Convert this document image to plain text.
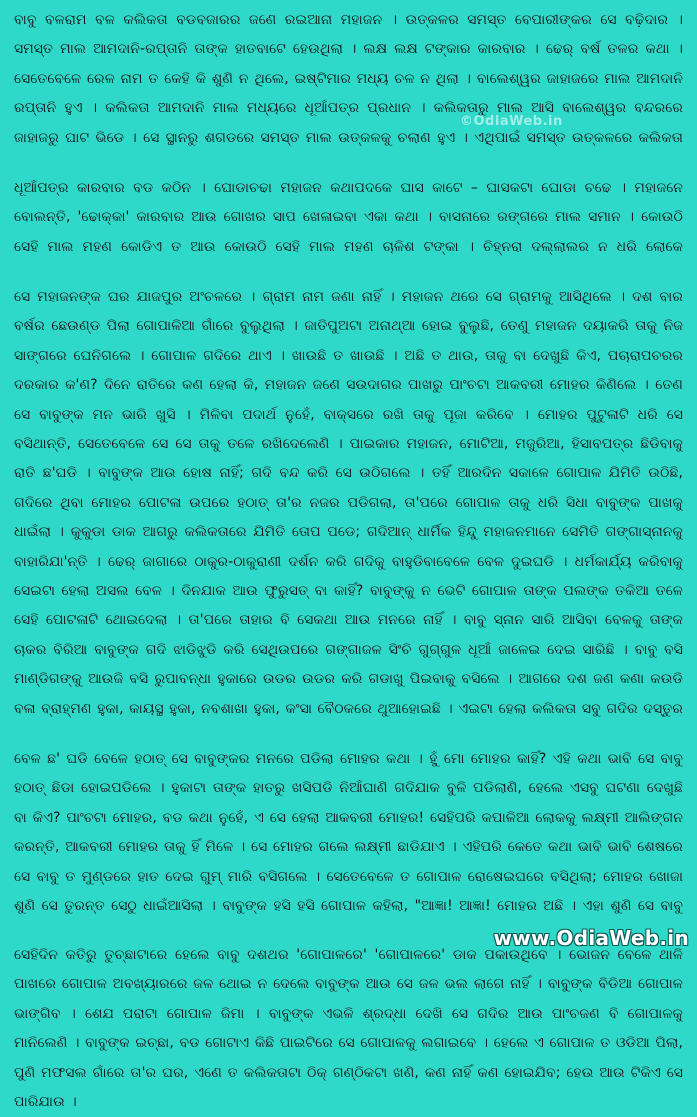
ବାବୁ ବଳରାମ ବଳ କଲିକତା ବଡବଜାରର ଜଣେ ରଇଆନା ମହାଜନ । ଉତ୍କଳର ସମସ୍ତ ବେପାରୀଙ୍କର ସେ ବଢ଼ିଦାର । ସମସ୍ତ ମାଲ ଆମଦାନି-ରପ୍ତାନି ତାଙ୍କ ହାତବାଟେ ହେଉଥିଲା । ଲକ୍ଷ ଲକ୍ଷ ଟଙ୍କାର କାରବାର । ଢେର୍ ବର୍ଷ ତଳର କଥା । ସେତେବେଳେ ରେଳ ନାମ ତ କେହି କି ଶୁଣି ନ ଥିଲେ, ଇଷ୍ଟିମାର ମଧ୍ୟ ଚଳ ନ ଥିଲା । ବାଲେଶ୍ୱର ଜାହାଜରେ ମାଲ ଆମଦାନି ରପ୍ତାନି ହୁଏ । କଲିକତା ଆମଦାନି ମାଲ ମଧ୍ୟରେ ଧୂଆଁପତ୍ର ପ୍ରଧାନ । କଲିକତାରୁ ମାଲ ଆସି ବାଲେଶ୍ୱର ବନ୍ଦରରେ ଜାହାଜରୁ ଘାଟ ଭିଡେ । ସେ ସ୍ଥାନରୁ ଶଗଡରେ ସମସ୍ତ ମାଲ ଉତ୍କଳକୁ ଚଲାଣ ହୁଏ । ଏଥିପାଇଁ ସମସ୍ତ ଉତ୍କଳରେ କଲିକତା

ଧୂଆଁପତ୍ର କାରବାର ବଡ କଠିନ । ଘୋଡାଚଢା ମହାଜନ କଥାପଦକେ ଘାସ କାଟେ – ଘାସକଟା ଘୋଡା ଚଢେ । ମହାଜନେ ବୋଲନ୍ତି, 'ଢୋକ୍କା' କାରବାର ଆଉ ଗୋଖର ସାପ ଖେଳାଇବା ଏକା କଥା । ବାସନାରେ ରଙ୍ଗରେ ମାଲ ସମାନ । କୋଉଠି ସେହି ମାଲ ମହଣ କୋଡିଏ ତ ଆଉ କୋଉଠି ସେହି ମାଲ ମହଣ ଚାଳିଶ ଟଙ୍କା । ଚିହ୍ନରା ଦଲ୍ଲାଲର ନ ଧରି ଲୋକେ

ସେ ମହାଜନଙ୍କ ଘର ଯାଜପୁର ଅଂଚଳରେ । ଗ୍ରାମ ନାମ ଜଣା ନାହିଁ । ମହାଜନ ଥରେ ସେ ଗ୍ରାମକୁ ଆସିଥିଲେ । ଦଶ ବାର ବର୍ଷର ଛେଉଣ୍ଡ ପିଲା ଗୋପାଳିଆ ଗାଁରେ ବୁଲୁଥିଲା । ଜାତିପୁଅଟା ଅନାଥ୍ଆ ହୋଇ ବୁଲୁଛି, ତେଣୁ ମହାଜନ ଦୟାକରି ତାକୁ ନିଜ ସାଙ୍ଗରେ ଘେନିଗଲେ । ଗୋପାଳ ଗଦିରେ ଥାଏ । ଖାଉଛି ତ ଖାଉଛି । ଅଛି ତ ଥାଉ, ତାକୁ ବା ଦେଖୁଛି କିଏ, ପଚାରାପଚରର ଦରକାର କ'ଣ? ଦିନେ ରାତିରେ କଣ ହେଲା କି, ମହାଜନ ଜଣେ ସଉଦାଗର ପାଖରୁ ପାଂଚଟା ଆକବରୀ ମୋହର କିଣିଲେ । ତେଣ ସେ ବାବୁଙ୍କ ମନ ଭାରି ଖୁସି । ମିଳିବା ପଦାର୍ଥ ନୁହେଁ, ବାକ୍ସରେ ରଖି ତାକୁ ପୂଜା କରିବେ । ମୋହର ପୁଟୁଳାଟି ଧରି ସେ ବସିଥାନ୍ତି, ସେତେବେଳେ ସେ ସେ ତାକୁ ତଳେ ରଖିଦେଲେଣି । ପାଇକାର ମହାଜନ, ମୋଟିଆ, ମଜୁରିଆ, ହିସାବପତ୍ର ଛିଡିବାକୁ ରାତି ଛ'ଘଡି । ବାବୁଙ୍କ ଆଉ ହୋଷ ନାହିଁ; ଗଦି ବନ୍ଦ କରି ସେ ଉଠିଗଲେ । ତହିଁ ଆରଦିନ ସକାଳେ ଗୋପାଳ ଯିମିତି ଉଠିଛି, ଗଦିରେ ଥିବା ମୋହର ପୋଟଳା ଉପରେ ହଠାତ୍ ତା'ର ନଜର ପଡିଗଲା, ତା'ପରେ ଗୋପାଳ ତାକୁ ଧରି ସିଧା ବାବୁଙ୍କ ପାଖକୁ ଧାଇଁଲା । କୁକୁଡା ଡାକ ଆଗରୁ କଲିକତାରେ ଯିମିତି ତୋପ ପଡେ; ଗଦିଆନ୍ ଧାର୍ମିକ ହିନ୍ଦୁ ମହାଜନମାନେ ସେମିତି ଗଙ୍ଗାସ୍ନାନକୁ ବାହାରିଯା'ନ୍ତି । ଢେର୍ ଜାଗାରେ ଠାକୁର-ଠାକୁରାଣୀ ଦର୍ଶନ କରି ଗଦିକୁ ବାହୁଡିବାବେଳେ ବେଳ ଦୁଇଘଡି । ଧର୍ମକାର୍ଯ୍ୟ କରିବାକୁ ସେଇଟା ହେଲା ଅସଲ ବେଳ । ଦିନଯାକ ଆଉ ଫୁରୁସତ୍ ବା କାହିଁ? ବାବୁଙ୍କୁ ନ ଭେଟି ଗୋପାଳ ତାଙ୍କ ପଲଙ୍କ ତକିଆ ତଳେ ସେହି ପୋଟଳାଟି ଥୋଇଦେଲା । ତା'ପରେ ତାହାର ବି ସେକଥା ଆଉ ମନରେ ନାହିଁ । ବାବୁ ସ୍ନାନ ସାରି ଆସିବା ବେଳକୁ ତାଙ୍କ ଚାକର ବିରିଆ ବାବୁଙ୍କ ଗଦି ଝାଡିଝୁଡି କରି ସେଥିଉପରେ ଗଙ୍ଗାଜଳ ସିଂଚି ଗୁଗ୍ଗୁଳ ଧୂଆଁ ଜାଳେଇ ଦେଇ ସାରିଛି । ବାବୁ ବସି ମାଣ୍ଡିଗଙ୍କୁ ଆଉଜି ବସି ରୁପାବନ୍ଧା ହୁକାରେ ଉଡର ଉଡର କରି ଗଡାଖୁ ପିଇବାକୁ ବସିଲେ । ଆଗରେ ଦଶ ଜଣ କଣା କଉଡି ବଳା ବ୍ରାହ୍ମଣ ହୁକା, କାୟସ୍ଥ ହୁକା, ନବଶାଖା ହୁକା, କଂସା ବୈଠକରେ ଥୁଆହୋଇଛି । ଏଇଟା ହେଲା କଲିକତା ସବୁ ଗଦିର ଦସ୍ତୁର

ବେଳ ଛ' ଘଡି ବେଳେ ହଠାତ୍ ସେ ବାବୁଙ୍କର ମନରେ ପଡିଲା ମୋହର କଥା । ହୁଁ ମୋ ମୋହର କାହିଁ? ଏହି କଥା ଭାବି ସେ ବାବୁ ହଠାତ୍ ଛିଡା ହୋଇପଡିଲେ । ହୁକାଟା ତାଙ୍କ ହାତରୁ ଖସିପଡି ନିଆଁଘାଣି ଗଦିଯାକ ବୁଳି ପଡିଲାଣି, ହେଲେ ଏସବୁ ଘଟଣା ଦେଖୁଛି ବା କିଏ? ପାଂଚଟା ମୋହର, ବଡ କଥା ନୁହେଁ, ଏ ସେ ହେଲା ଆକବରୀ ମୋହର! ସେହିପରି କପାଳିଆ ଲୋକକୁ ଲକ୍ଷ୍ମୀ ଆଲିଙ୍ଗନ କରନ୍ତି, ଆକବରୀ ମୋହର ତାକୁ ହିଁ ମିଳେ । ସେ ମୋହର ଗଲେ ଲକ୍ଷ୍ମୀ ଛାଡିଯାଏ । ଏହିପରି କେତେ କଥା ଭାବି ଭାବି ଶେଷରେ ସେ ବାବୁ ତ ମୁଣ୍ଡରେ ହାତ ଦେଇ ଗୁମ୍ ମାରି ବସିଗଲେ । ସେତେବେଳେ ତ ଗୋପାଳ ରୋଷେଇଘରେ ବସିଥିଲା; ମୋହର ଖୋଜା ଶୁଣି ସେ ତୁରନ୍ତ ସେଠୁ ଧାଇଁଆସିଲା । ବାବୁଙ୍କ ହସି ହସି ଗୋପାଳ କହିଲା, "ଆଜ୍ଞା! ଆଜ୍ଞା! ମୋହର ଅଛି । ଏହା ଶୁଣି ସେ ବାବୁ

ସେହିଦିନ କତିରୁ ତୁଚ୍ଛାଟାରେ ହେଲେ ବାବୁ ଦଶଥର 'ଗୋପାଳରେ' 'ଗୋପାଳରେ' ଡାକ ପକାଉଥିବେ । ଭୋଜନ ବେଳେ ଥାଳି ପାଖରେ ଗୋପାଳ ଅବଖ୍ୟାରରେ ଜଳ ଥୋଇ ନ ଦେଲେ ବାବୁଙ୍କ ଆଉ ସେ ଜଳ ଭଲ ଲାଗେ ନାହିଁ । ବାବୁଙ୍କ ବିଡିଆ ଗୋପାଳ ଭାଙ୍ଗିବ । ଶେଯ ପରାଟା ଗୋପାଳ ଜିମା । ବାବୁଙ୍କ ଏଭଳି ଶ୍ରଦ୍ଧା ଦେଖି ସେ ଗଦିର ଆଉ ପାଂଚଜଣ ବି ଗୋପାଳକୁ ମାନିଲେଣି । ବାବୁଙ୍କ ଇଚ୍ଛା, ବଡ ଗୋଟାଏ କିଛି ପାଇଟିରେ ସେ ଗୋପାଳକୁ ଲଗାଇବେ । ହେଲେ ଏ ଗୋପାଳ ତ ଓଡିଆ ପିଲା, ପୁଣି ମଫସଲ ଗାଁରେ ତା'ର ଘର, ଏଣେ ତ କଲିକତାଟା ଠିକ୍ ଗଣ୍ଠିକଟା ଖଣି, କଣ ନାହିଁ କଣ ହୋଇଯିବ; ହେଉ ଆଉ ଟିକିଏ ସେ ପାରିଯାଉ ।

©OdiaWeb.in
www.OdiaWeb.in
